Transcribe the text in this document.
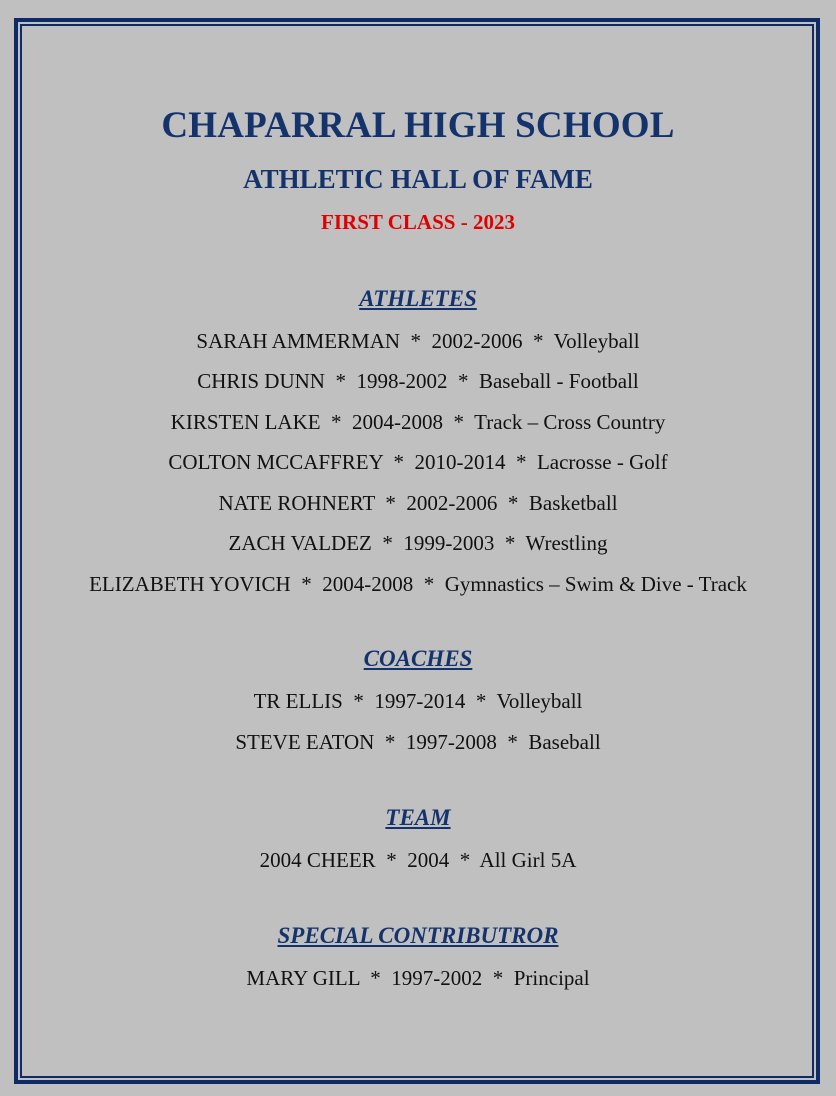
CHAPARRAL HIGH SCHOOL
ATHLETIC HALL OF FAME
FIRST CLASS - 2023
ATHLETES
SARAH AMMERMAN  *  2002-2006  *  Volleyball
CHRIS DUNN  *  1998-2002  *  Baseball - Football
KIRSTEN LAKE  *  2004-2008  *  Track – Cross Country
COLTON MCCAFFREY  *  2010-2014  *  Lacrosse - Golf
NATE ROHNERT  *  2002-2006  *  Basketball
ZACH VALDEZ  *  1999-2003  *  Wrestling
ELIZABETH YOVICH  *  2004-2008  *  Gymnastics – Swim & Dive - Track
COACHES
TR ELLIS  *  1997-2014  *  Volleyball
STEVE EATON  *  1997-2008  *  Baseball
TEAM
2004 CHEER  *  2004  *  All Girl 5A
SPECIAL CONTRIBUTROR
MARY GILL  *  1997-2002  *  Principal
